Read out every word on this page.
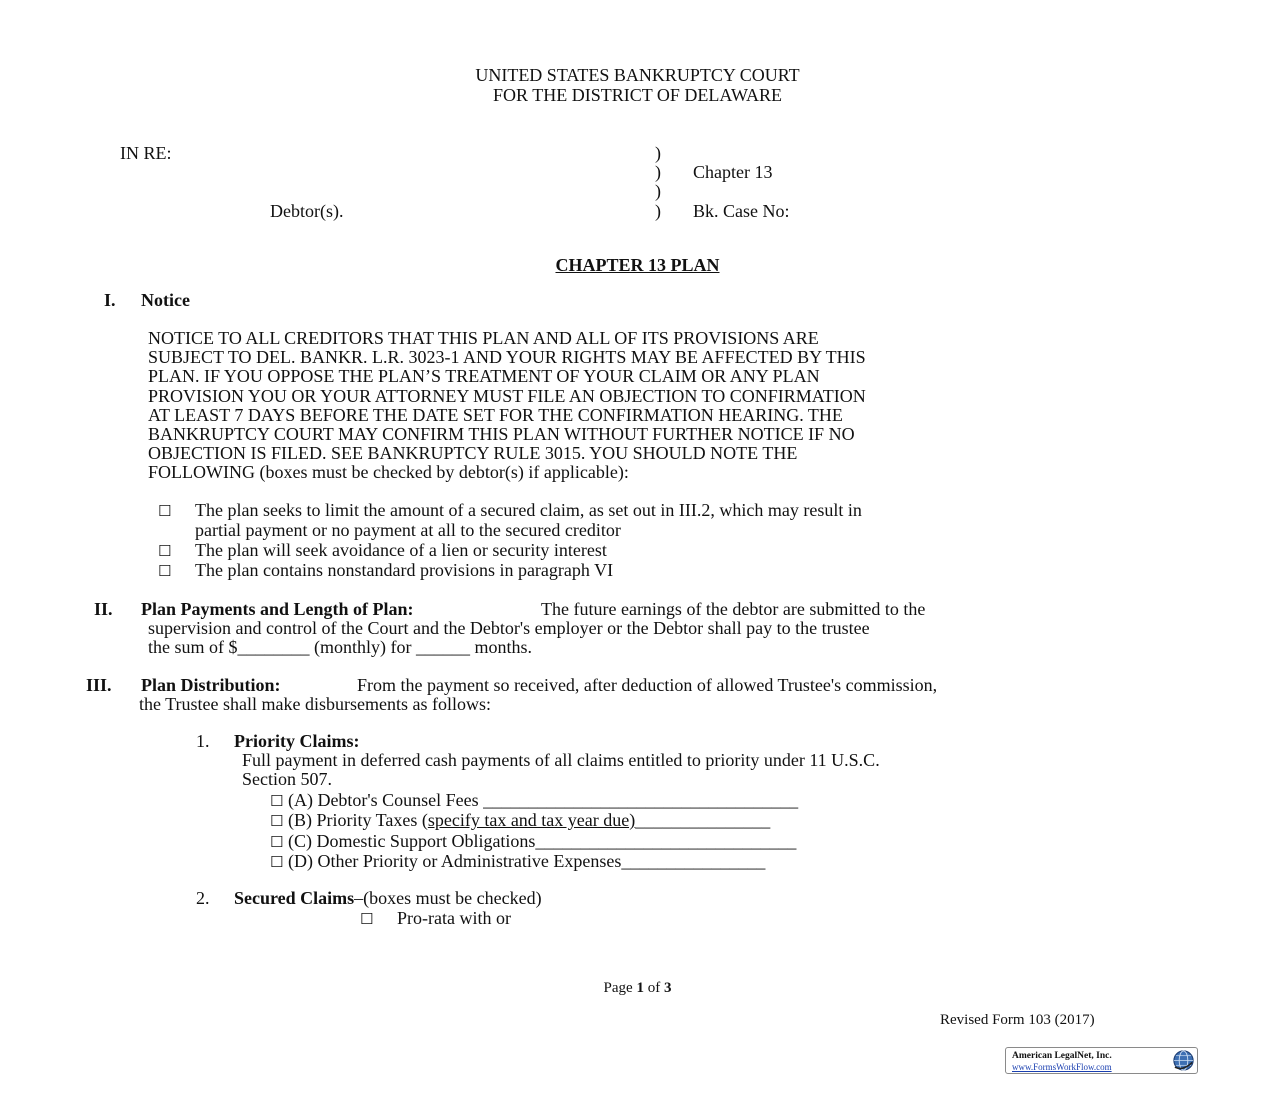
UNITED STATES BANKRUPTCY COURT
FOR THE DISTRICT OF DELAWARE
IN RE:
Debtor(s).
)
)
)
)
Chapter 13
Bk. Case No:
CHAPTER 13 PLAN
I. Notice
NOTICE TO ALL CREDITORS THAT THIS PLAN AND ALL OF ITS PROVISIONS ARE
SUBJECT TO DEL. BANKR. L.R. 3023-1 AND YOUR RIGHTS MAY BE AFFECTED BY THIS
PLAN. IF YOU OPPOSE THE PLAN’S TREATMENT OF YOUR CLAIM OR ANY PLAN
PROVISION YOU OR YOUR ATTORNEY MUST FILE AN OBJECTION TO CONFIRMATION
AT LEAST 7 DAYS BEFORE THE DATE SET FOR THE CONFIRMATION HEARING. THE
BANKRUPTCY COURT MAY CONFIRM THIS PLAN WITHOUT FURTHER NOTICE IF NO
OBJECTION IS FILED. SEE BANKRUPTCY RULE 3015. YOU SHOULD NOTE THE
FOLLOWING (boxes must be checked by debtor(s) if applicable):
☐ The plan seeks to limit the amount of a secured claim, as set out in III.2, which may result in
partial payment or no payment at all to the secured creditor
☐ The plan will seek avoidance of a lien or security interest
☐ The plan contains nonstandard provisions in paragraph VI
II. Plan Payments and Length of Plan:	The future earnings of the debtor are submitted to the
supervision and control of the Court and the Debtor's employer or the Debtor shall pay to the trustee
the sum of $________ (monthly) for ______ months.
III. Plan Distribution:	From the payment so received, after deduction of allowed Trustee's commission,
the Trustee shall make disbursements as follows:
1. Priority Claims:
Full payment in deferred cash payments of all claims entitled to priority under 11 U.S.C.
Section 507.
☐ (A) Debtor's Counsel Fees ___________________________________
☐ (B) Priority Taxes (specify tax and tax year due)_______________
☐ (C) Domestic Support Obligations_____________________________
☐ (D) Other Priority or Administrative Expenses________________
2. Secured Claims–(boxes must be checked)
☐ Pro-rata with or
Page 1 of 3
Revised Form 103 (2017)
American LegalNet, Inc.
www.FormsWorkFlow.com
